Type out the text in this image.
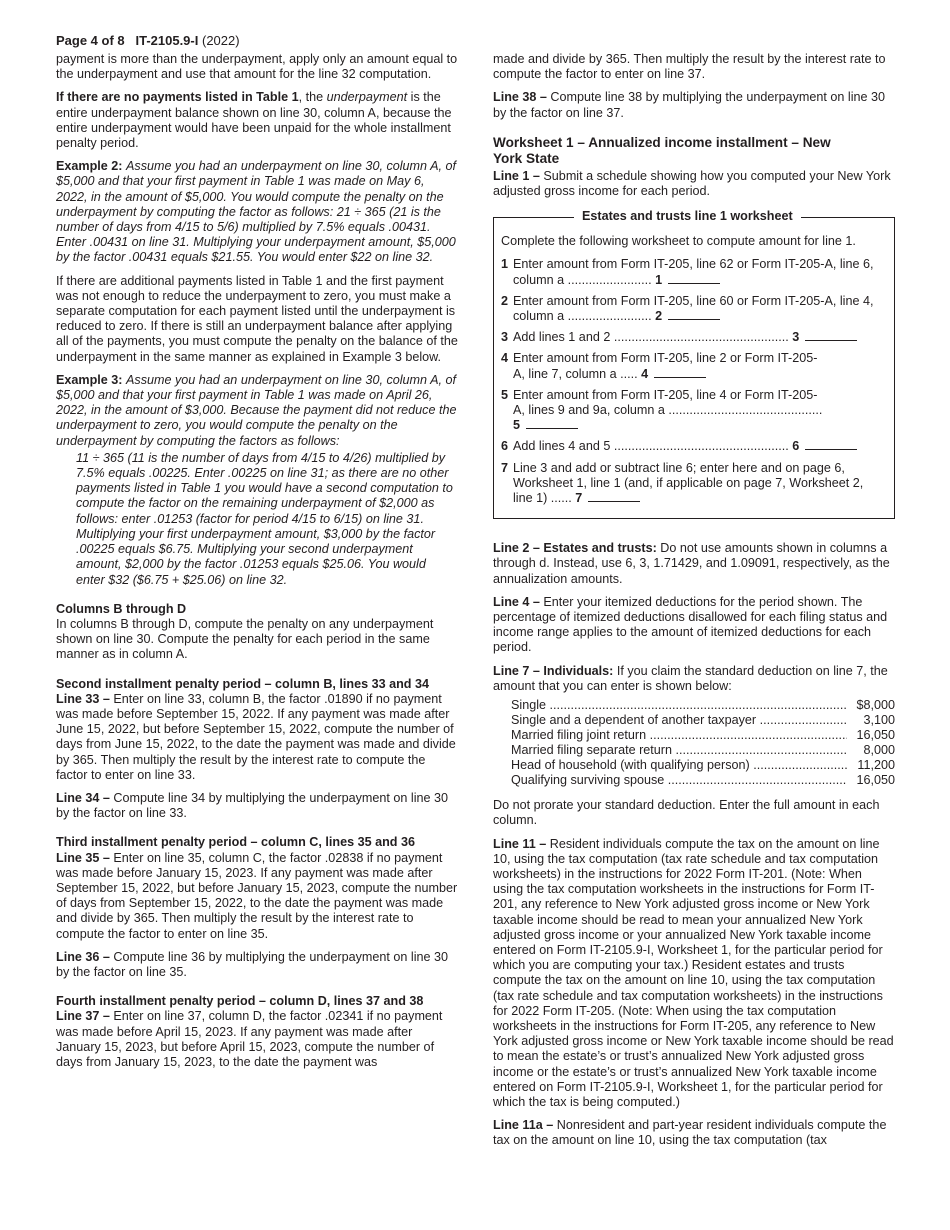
Page 4 of 8 IT-2105.9-I (2022)

payment is more than the underpayment, apply only an amount equal to the underpayment and use that amount for the line 32 computation.

If there are no payments listed in Table 1, the underpayment is the entire underpayment balance shown on line 30, column A, because the entire underpayment would have been unpaid for the whole installment penalty period.

Example 2: Assume you had an underpayment on line 30, column A, of $5,000 and that your first payment in Table 1 was made on May 6, 2022, in the amount of $5,000. You would compute the penalty on the underpayment by computing the factor as follows: 21 ÷ 365 (21 is the number of days from 4/15 to 5/6) multiplied by 7.5% equals .00431. Enter .00431 on line 31. Multiplying your underpayment amount, $5,000 by the factor .00431 equals $21.55. You would enter $22 on line 32.

If there are additional payments listed in Table 1 and the first payment was not enough to reduce the underpayment to zero, you must make a separate computation for each payment listed until the underpayment is reduced to zero. If there is still an underpayment balance after applying all of the payments, you must compute the penalty on the balance of the underpayment in the same manner as explained in Example 3 below.

Example 3: Assume you had an underpayment on line 30, column A, of $5,000 and that your first payment in Table 1 was made on April 26, 2022, in the amount of $3,000. Because the payment did not reduce the underpayment to zero, you would compute the penalty on the underpayment by computing the factors as follows:

11 ÷ 365 (11 is the number of days from 4/15 to 4/26) multiplied by 7.5% equals .00225. Enter .00225 on line 31; as there are no other payments listed in Table 1 you would have a second computation to compute the factor on the remaining underpayment of $2,000 as follows: enter .01253 (factor for period 4/15 to 6/15) on line 31. Multiplying your first underpayment amount, $3,000 by the factor .00225 equals $6.75. Multiplying your second underpayment amount, $2,000 by the factor .01253 equals $25.06. You would enter $32 ($6.75 + $25.06) on line 32.

Columns B through D

In columns B through D, compute the penalty on any underpayment shown on line 30. Compute the penalty for each period in the same manner as in column A.

Second installment penalty period – column B, lines 33 and 34

Line 33 – Enter on line 33, column B, the factor .01890 if no payment was made before September 15, 2022. If any payment was made after June 15, 2022, but before September 15, 2022, compute the number of days from June 15, 2022, to the date the payment was made and divide by 365. Then multiply the result by the interest rate to compute the factor to enter on line 33.

Line 34 – Compute line 34 by multiplying the underpayment on line 30 by the factor on line 33.

Third installment penalty period – column C, lines 35 and 36

Line 35 – Enter on line 35, column C, the factor .02838 if no payment was made before January 15, 2023. If any payment was made after September 15, 2022, but before January 15, 2023, compute the number of days from September 15, 2022, to the date the payment was made and divide by 365. Then multiply the result by the interest rate to compute the factor to enter on line 35.

Line 36 – Compute line 36 by multiplying the underpayment on line 30 by the factor on line 35.

Fourth installment penalty period – column D, lines 37 and 38

Line 37 – Enter on line 37, column D, the factor .02341 if no payment was made before April 15, 2023. If any payment was made after January 15, 2023, but before April 15, 2023, compute the number of days from January 15, 2023, to the date the payment was

made and divide by 365. Then multiply the result by the interest rate to compute the factor to enter on line 37.

Line 38 – Compute line 38 by multiplying the underpayment on line 30 by the factor on line 37.

Worksheet 1 – Annualized income installment – New York State

Line 1 – Submit a schedule showing how you computed your New York adjusted gross income for each period.

Estates and trusts line 1 worksheet

Complete the following worksheet to compute amount for line 1.

1 Enter amount from Form IT-205, line 62 or Form IT-205-A, line 6, column a ........................ 1
2 Enter amount from Form IT-205, line 60 or Form IT-205-A, line 4, column a ........................ 2
3 Add lines 1 and 2 .................................................. 3
4 Enter amount from Form IT-205, line 2 or Form IT-205-A, line 7, column a ..... 4
5 Enter amount from Form IT-205, line 4 or Form IT-205-A, lines 9 and 9a, column a ............................................ 5
6 Add lines 4 and 5 .................................................. 6
7 Line 3 and add or subtract line 6; enter here and on page 6, Worksheet 1, line 1 (and, if applicable on page 7, Worksheet 2, line 1) ...... 7

Line 2 – Estates and trusts: Do not use amounts shown in columns a through d. Instead, use 6, 3, 1.71429, and 1.09091, respectively, as the annualization amounts.

Line 4 – Enter your itemized deductions for the period shown. The percentage of itemized deductions disallowed for each filing status and income range applies to the amount of itemized deductions for each period.

Line 7 – Individuals: If you claim the standard deduction on line 7, the amount that you can enter is shown below:

Single .....	$8,000
Single and a dependent of another taxpayer .....	3,100
Married filing joint return .....	16,050
Married filing separate return .....	8,000
Head of household (with qualifying person) .....	11,200
Qualifying surviving spouse .....	16,050

Do not prorate your standard deduction. Enter the full amount in each column.

Line 11 – Resident individuals compute the tax on the amount on line 10, using the tax computation (tax rate schedule and tax computation worksheets) in the instructions for 2022 Form IT-201. (Note: When using the tax computation worksheets in the instructions for Form IT-201, any reference to New York adjusted gross income or New York taxable income should be read to mean your annualized New York adjusted gross income or your annualized New York taxable income entered on Form IT-2105.9-I, Worksheet 1, for the particular period for which you are computing your tax.) Resident estates and trusts compute the tax on the amount on line 10, using the tax computation (tax rate schedule and tax computation worksheets) in the instructions for 2022 Form IT-205. (Note: When using the tax computation worksheets in the instructions for Form IT-205, any reference to New York adjusted gross income or New York taxable income should be read to mean the estate’s or trust’s annualized New York adjusted gross income or the estate’s or trust’s annualized New York taxable income entered on Form IT-2105.9-I, Worksheet 1, for the particular period for which the tax is being computed.)

Line 11a – Nonresident and part-year resident individuals compute the tax on the amount on line 10, using the tax computation (tax
